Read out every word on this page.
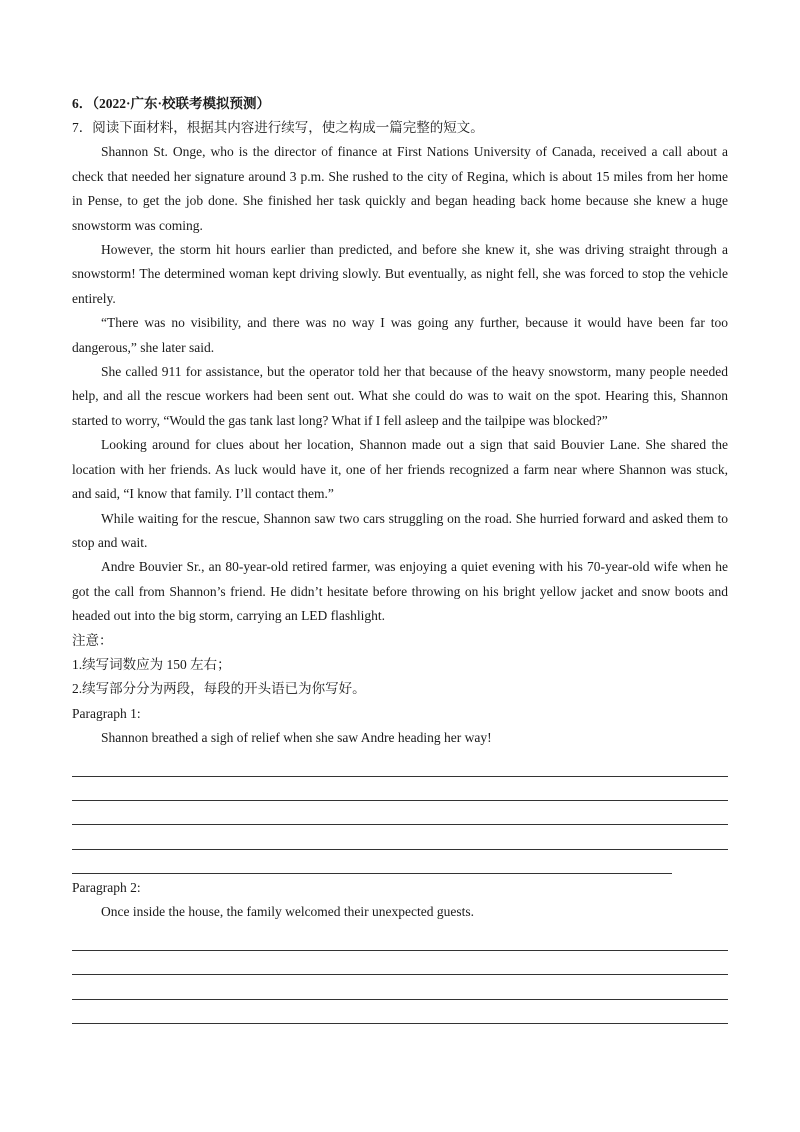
6．（2022·广东·校联考模拟预测）
7．阅读下面材料，根据其内容进行续写，使之构成一篇完整的短文。

Shannon St. Onge, who is the director of finance at First Nations University of Canada, received a call about a check that needed her signature around 3 p.m. She rushed to the city of Regina, which is about 15 miles from her home in Pense, to get the job done. She finished her task quickly and began heading back home because she knew a huge snowstorm was coming.

However, the storm hit hours earlier than predicted, and before she knew it, she was driving straight through a snowstorm! The determined woman kept driving slowly. But eventually, as night fell, she was forced to stop the vehicle entirely.

“There was no visibility, and there was no way I was going any further, because it would have been far too dangerous,” she later said.

She called 911 for assistance, but the operator told her that because of the heavy snowstorm, many people needed help, and all the rescue workers had been sent out. What she could do was to wait on the spot. Hearing this, Shannon started to worry, “Would the gas tank last long? What if I fell asleep and the tailpipe was blocked?”

Looking around for clues about her location, Shannon made out a sign that said Bouvier Lane. She shared the location with her friends. As luck would have it, one of her friends recognized a farm near where Shannon was stuck, and said, “I know that family. I’ll contact them.”

While waiting for the rescue, Shannon saw two cars struggling on the road. She hurried forward and asked them to stop and wait.

Andre Bouvier Sr., an 80-year-old retired farmer, was enjoying a quiet evening with his 70-year-old wife when he got the call from Shannon’s friend. He didn’t hesitate before throwing on his bright yellow jacket and snow boots and headed out into the big storm, carrying an LED flashlight.

注意：

1.续写词数应为 150 左右；

2.续写部分分为两段，每段的开头语已为你写好。

Paragraph 1:

Shannon breathed a sigh of relief when she saw Andre heading her way!

Paragraph 2:

Once inside the house, the family welcomed their unexpected guests.
